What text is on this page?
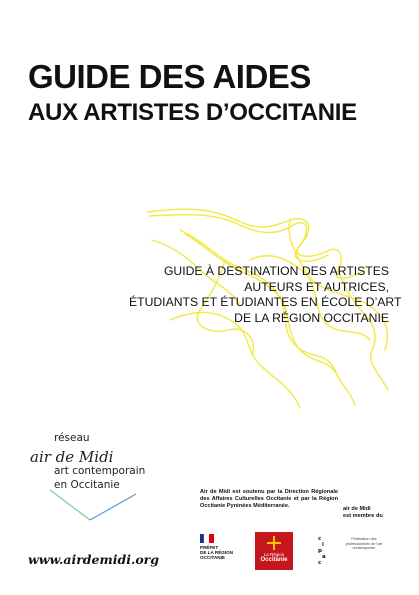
GUIDE DES AIDES
AUX ARTISTES D’OCCITANIE
GUIDE À DESTINATION DES ARTISTES
AUTEURS ET AUTRICES,
ÉTUDIANTS ET ÉTUDIANTES EN ÉCOLE D’ART
DE LA RÉGION OCCITANIE
réseau
air de Midi
art contemporain
en Occitanie
www.airdemidi.org
Air de Midi est soutenu par la Direction Régionale des Affaires Culturelles Occitanie et par la Région Occitanie Pyrénées Méditerranée.	air de Midi
est membre du
PRÉFET
DE LA RÉGION
OCCITANIE
La Région
Occitanie
c
i
p
a
c
Fédération des professionnels de l'art contemporain
